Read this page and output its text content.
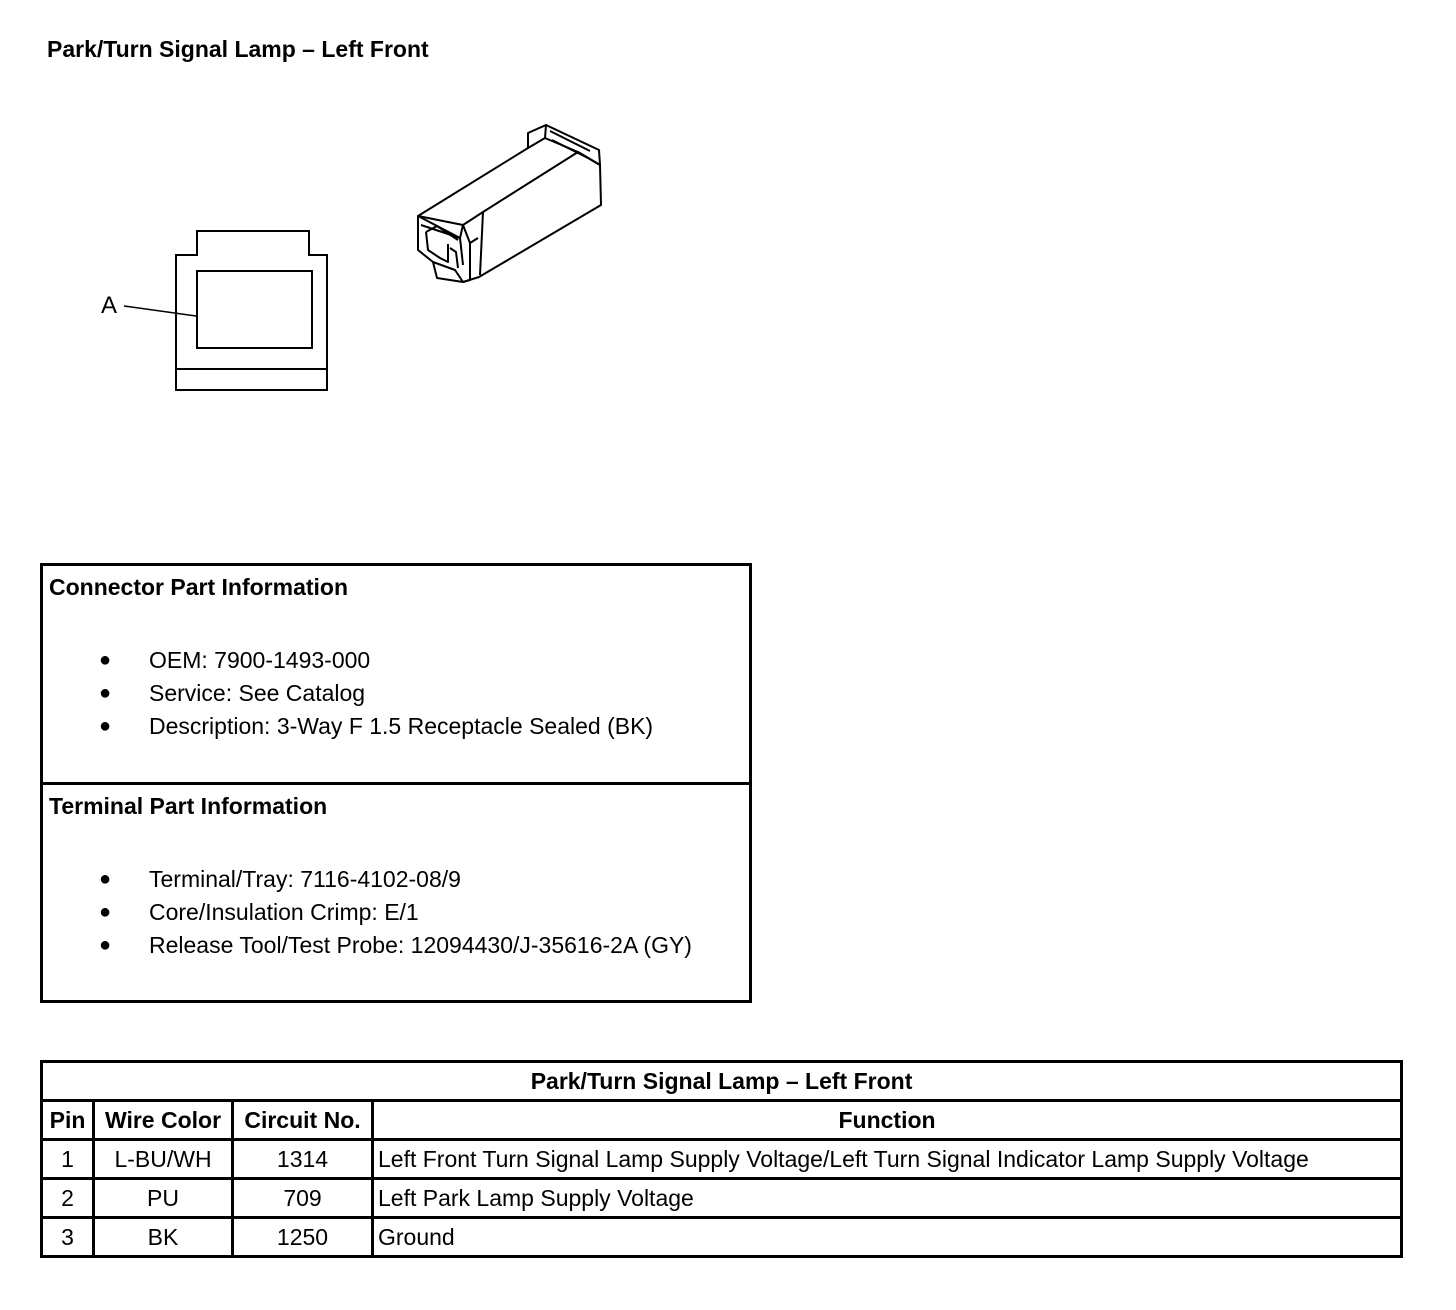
Park/Turn Signal Lamp – Left Front
A
Connector Part Information
● OEM: 7900-1493-000
● Service: See Catalog
● Description: 3-Way F 1.5 Receptacle Sealed (BK)
Terminal Part Information
● Terminal/Tray: 7116-4102-08/9
● Core/Insulation Crimp: E/1
● Release Tool/Test Probe: 12094430/J-35616-2A (GY)
Park/Turn Signal Lamp – Left Front			
Pin	Wire Color	Circuit No.	Function
1	L-BU/WH	1314	Left Front Turn Signal Lamp Supply Voltage/Left Turn Signal Indicator Lamp Supply Voltage
2	PU	709	Left Park Lamp Supply Voltage
3	BK	1250	Ground
